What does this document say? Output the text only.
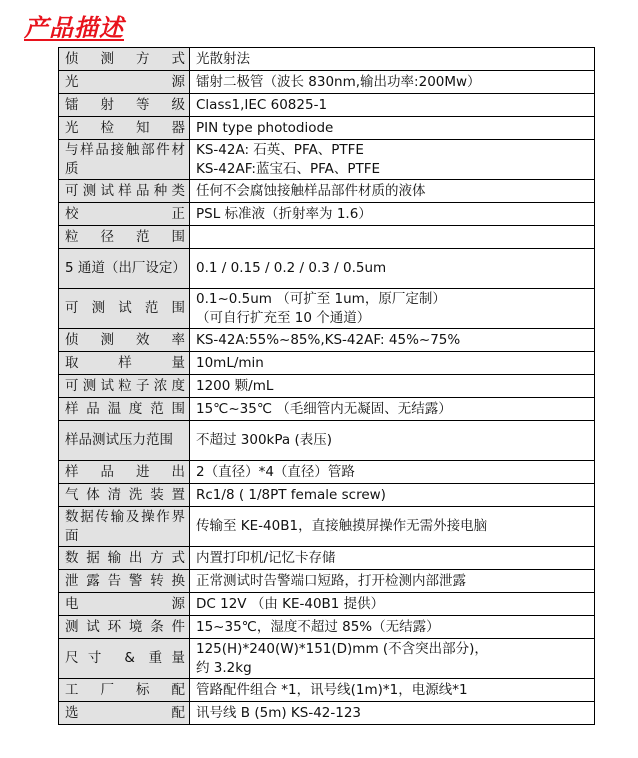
产品描述
侦 测 方 式	光散射法
光　　源	镭射二极管（波长 830nm,输出功率:200Mw）
镭 射 等 级	Class1,IEC 60825-1
光 检 知 器	PIN type photodiode
与样品接触部件材质	KS-42A: 石英、PFA、PTFE
KS-42AF:蓝宝石、PFA、PTFE
可测试样品种类	任何不会腐蚀接触样品部件材质的液体
校　　正	PSL 标准液（折射率为 1.6）
粒 径 范 围	
5 通道（出厂设定）	0.1 / 0.15 / 0.2 / 0.3 / 0.5um
可 测 试 范 围	0.1~0.5um （可扩至 1um，原厂定制）
（可自行扩充至 10 个通道）
侦 测 效 率	KS-42A:55%~85%,KS-42AF: 45%~75%
取　样　量	10mL/min
可测试粒子浓度	1200 颗/mL
样品温度范围	15℃~35℃ （毛细管内无凝固、无结露）
样品测试压力范围	不超过 300kPa (表压)
样 品 进 出	2（直径）*4（直径）管路
气体清洗装置	Rc1/8 ( 1/8PT female screw)
数据传输及操作界面	传输至 KE-40B1，直接触摸屏操作无需外接电脑
数据输出方式	内置打印机/记忆卡存储
泄露告警转换	正常测试时告警端口短路，打开检测内部泄露
电　　源	DC 12V （由 KE-40B1 提供）
测试环境条件	15~35℃，湿度不超过 85%（无结露）
尺寸 & 重量	125(H)*240(W)*151(D)mm (不含突出部分)，
约 3.2kg
工 厂 标 配	管路配件组合 *1，讯号线(1m)*1，电源线*1
选　　配	讯号线 B (5m) KS-42-123
